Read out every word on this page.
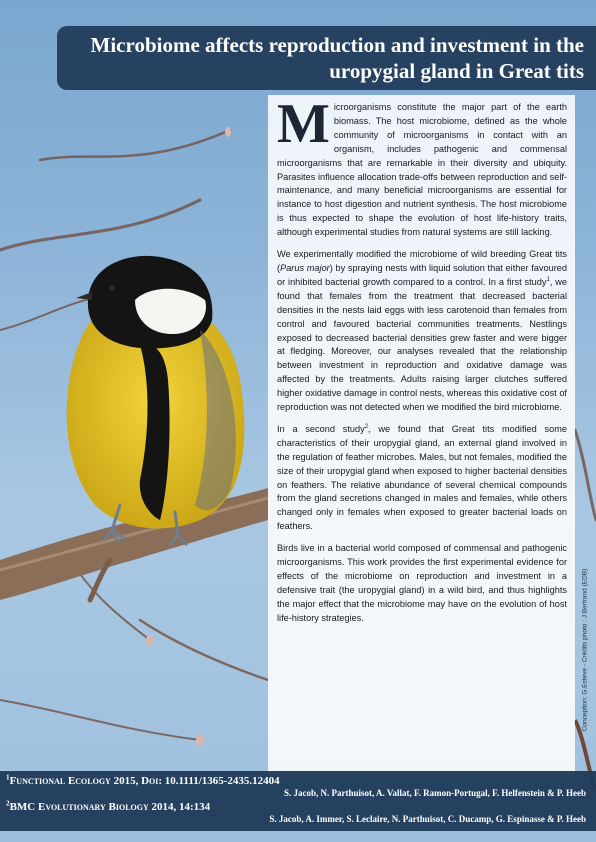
Microbiome affects reproduction and investment in the uropygial gland in Great tits

Microorganisms constitute the major part of the earth biomass. The host microbiome, defined as the whole community of microorganisms in contact with an organism, includes pathogenic and commensal microorganisms that are remarkable in their diversity and ubiquity. Parasites influence allocation trade-offs between reproduction and self-maintenance, and many beneficial microorganisms are essential for instance to host digestion and nutrient synthesis. The host microbiome is thus expected to shape the evolution of host life-history traits, although experimental studies from natural systems are still lacking.

We experimentally modified the microbiome of wild breeding Great tits (Parus major) by spraying nests with liquid solution that either favoured or inhibited bacterial growth compared to a control. In a first study$^1$, we found that females from the treatment that decreased bacterial densities in the nests laid eggs with less carotenoid than females from control and favoured bacterial communities treatments. Nestlings exposed to decreased bacterial densities grew faster and were bigger at fledging. Moreover, our analyses revealed that the relationship between investment in reproduction and oxidative damage was affected by the treatments. Adults raising larger clutches suffered higher oxidative damage in control nests, whereas this oxidative cost of reproduction was not detected when we modified the bird microbiome.

In a second study$^2$, we found that Great tits modified some characteristics of their uropygial gland, an external gland involved in the regulation of feather microbes. Males, but not females, modified the size of their uropygial gland when exposed to higher bacterial densities on feathers. The relative abundance of several chemical compounds from the gland secretions changed in males and females, while others changed only in females when exposed to greater bacterial loads on feathers.

Birds live in a bacterial world composed of commensal and pathogenic microorganisms. This work provides the first experimental evidence for effects of the microbiome on reproduction and investment in a defensive trait (the uropygial gland) in a wild bird, and thus highlights the major effect that the microbiome may have on the evolution of host life-history strategies.	Conception: G.Esteve - Crédits photo : J.Bertrand (EDB)
$^1$Functional Ecology 2015, Doi: 10.1111/1365-2435.12404
S. Jacob, N. Parthuisot, A. Vallat, F. Ramon-Portugal, F. Helfenstein & P. Heeb
$^2$BMC Evolutionary Biology 2014, 14:134
S. Jacob, A. Immer, S. Leclaire, N. Parthuisot, C. Ducamp, G. Espinasse & P. Heeb
